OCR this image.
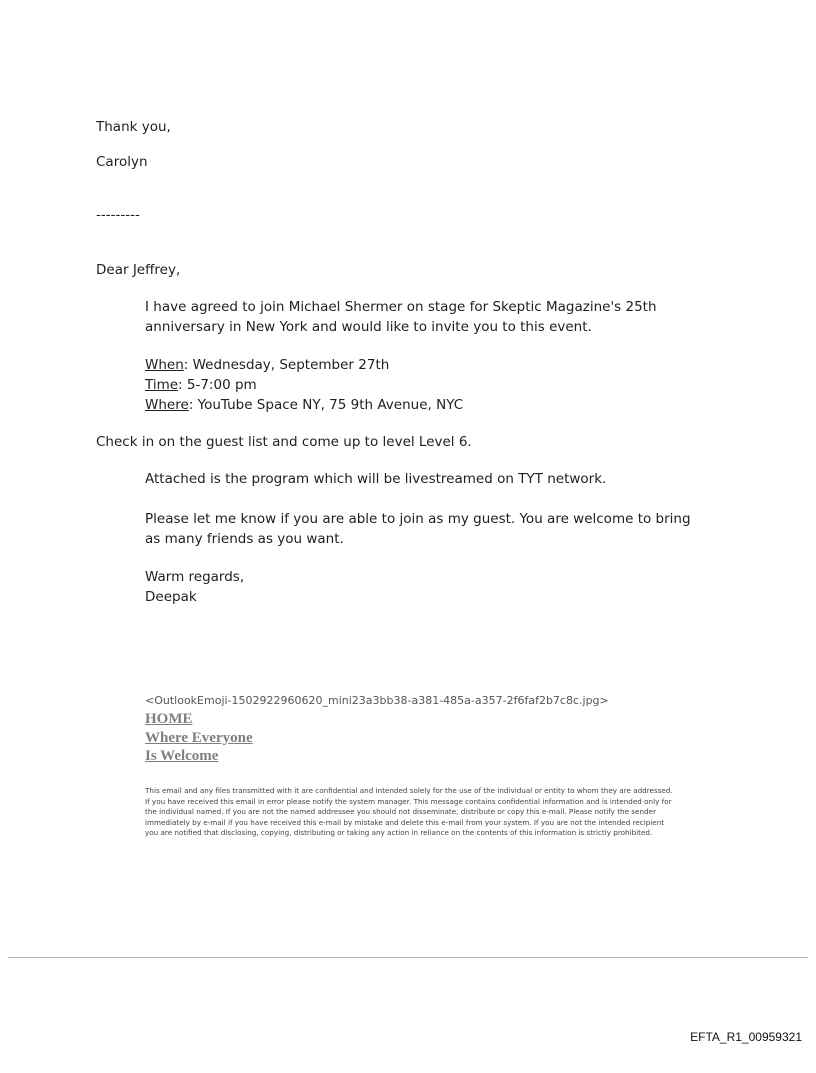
Thank you,
Carolyn
---------
Dear Jeffrey,
I have agreed to join Michael Shermer on stage for Skeptic Magazine's 25th
anniversary in New York and would like to invite you to this event.
When: Wednesday, September 27th
Time: 5-7:00 pm
Where: YouTube Space NY, 75 9th Avenue, NYC
Check in on the guest list and come up to level Level 6.
Attached is the program which will be livestreamed on TYT network.
Please let me know if you are able to join as my guest. You are welcome to bring
as many friends as you want.
Warm regards,
Deepak
<OutlookEmoji-1502922960620_mini23a3bb38-a381-485a-a357-2f6faf2b7c8c.jpg>
HOME
Where Everyone
Is Welcome
This email and any files transmitted with it are confidential and intended solely for the use of the individual or entity to whom they are addressed. If you have received this email in error please notify the system manager. This message contains confidential information and is intended only for the individual named. If you are not the named addressee you should not disseminate, distribute or copy this e-mail. Please notify the sender immediately by e-mail if you have received this e-mail by mistake and delete this e-mail from your system. If you are not the intended recipient you are notified that disclosing, copying, distributing or taking any action in reliance on the contents of this information is strictly prohibited.
EFTA_R1_00959321
